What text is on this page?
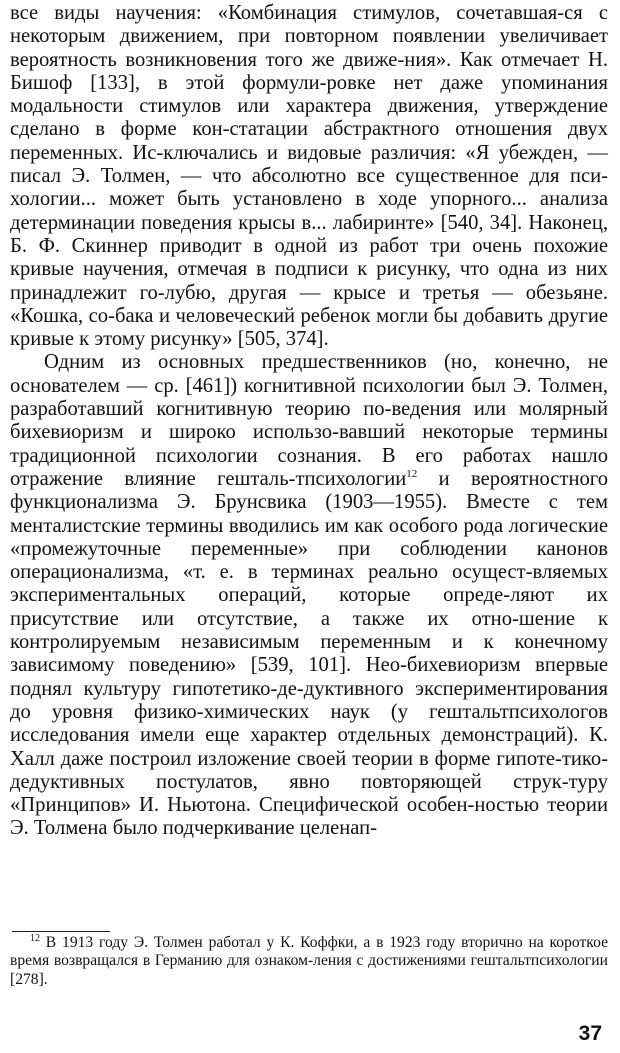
все виды научения: «Комбинация стимулов, сочетавшая-ся с некоторым движением, при повторном появлении увеличивает вероятность возникновения того же движе-ния». Как отмечает Н. Бишоф [133], в этой формули-ровке нет даже упоминания модальности стимулов или характера движения, утверждение сделано в форме кон-статации абстрактного отношения двух переменных. Ис-ключались и видовые различия: «Я убежден, — писал Э. Толмен, — что абсолютно все существенное для пси-хологии... может быть установлено в ходе упорного... анализа детерминации поведения крысы в... лабиринте» [540, 34]. Наконец, Б. Ф. Скиннер приводит в одной из работ три очень похожие кривые научения, отмечая в подписи к рисунку, что одна из них принадлежит го-лубю, другая — крысе и третья — обезьяне. «Кошка, со-бака и человеческий ребенок могли бы добавить другие кривые к этому рисунку» [505, 374].

Одним из основных предшественников (но, конечно, не основателем — ср. [461]) когнитивной психологии был Э. Толмен, разработавший когнитивную теорию по-ведения или молярный бихевиоризм и широко использо-вавший некоторые термины традиционной психологии сознания. В его работах нашло отражение влияние гешталь-тпсихологии$^{12}$ и вероятностного функционализма Э. Брунсвика (1903—1955). Вместе с тем менталистские термины вводились им как особого рода логические «промежуточные переменные» при соблюдении канонов операционализма, «т. е. в терминах реально осущест-вляемых экспериментальных операций, которые опреде-ляют их присутствие или отсутствие, а также их отно-шение к контролируемым независимым переменным и к конечному зависимому поведению» [539, 101]. Нео-бихевиоризм впервые поднял культуру гипотетико-де-дуктивного экспериментирования до уровня физико-химических наук (у гештальтпсихологов исследования имели еще характер отдельных демонстраций). К. Халл даже построил изложение своей теории в форме гипоте-тико-дедуктивных постулатов, явно повторяющей струк-туру «Принципов» И. Ньютона. Специфической особен-ностью теории Э. Толмена было подчеркивание целенап-

$^{12}$ В 1913 году Э. Толмен работал у К. Коффки, а в 1923 году вторично на короткое время возвращался в Германию для ознаком-ления с достижениями гештальтпсихологии [278].

37
